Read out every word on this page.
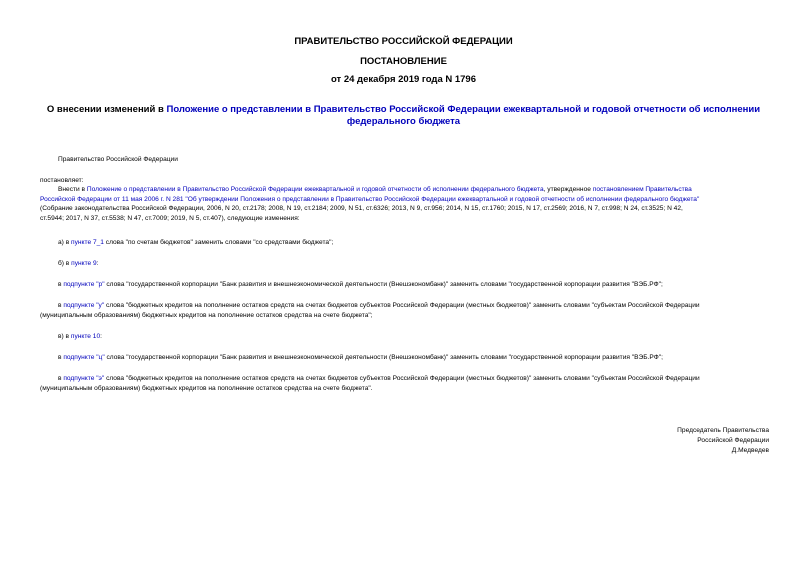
ПРАВИТЕЛЬСТВО РОССИЙСКОЙ ФЕДЕРАЦИИ
ПОСТАНОВЛЕНИЕ
от 24 декабря 2019 года N 1796
О внесении изменений в Положение о представлении в Правительство Российской Федерации ежеквартальной и годовой отчетности об исполнении федерального бюджета
Правительство Российской Федерации
постановляет:
Внести в Положение о представлении в Правительство Российской Федерации ежеквартальной и годовой отчетности об исполнении федерального бюджета, утвержденное постановлением Правительства
Российской Федерации от 11 мая 2006 г. N 281 "Об утверждении Положения о представлении в Правительство Российской Федерации ежеквартальной и годовой отчетности об исполнении федерального бюджета"
(Собрание законодательства Российской Федерации, 2006, N 20, ст.2178; 2008, N 19, ст.2184; 2009, N 51, ст.6326; 2013, N 9, ст.956; 2014, N 15, ст.1760; 2015, N 17, ст.2569; 2016, N 7, ст.998; N 24, ст.3525; N 42,
ст.5944; 2017, N 37, ст.5538; N 47, ст.7009; 2019, N 5, ст.407), следующие изменения:
а) в пункте 7_1 слова "по счетам бюджетов" заменить словами "со средствами бюджета";
б) в пункте 9:
в подпункте "р" слова "государственной корпорации "Банк развития и внешнеэкономической деятельности (Внешэкономбанк)" заменить словами "государственной корпорации развития "ВЭБ.РФ";
в подпункте "у" слова "бюджетных кредитов на пополнение остатков средств на счетах бюджетов субъектов Российской Федерации (местных бюджетов)" заменить словами "субъектам Российской Федерации
(муниципальным образованиям) бюджетных кредитов на пополнение остатков средства на счете бюджета";
в) в пункте 10:
в подпункте "ц" слова "государственной корпорации "Банк развития и внешнеэкономической деятельности (Внешэкономбанк)" заменить словами "государственной корпорации развития "ВЭБ.РФ";
в подпункте "э" слова "бюджетных кредитов на пополнение остатков средств на счетах бюджетов субъектов Российской Федерации (местных бюджетов)" заменить словами "субъектам Российской Федерации
(муниципальным образованиям) бюджетных кредитов на пополнение остатков средства на счете бюджета".
Председатель Правительства
Российской Федерации
Д.Медведев
